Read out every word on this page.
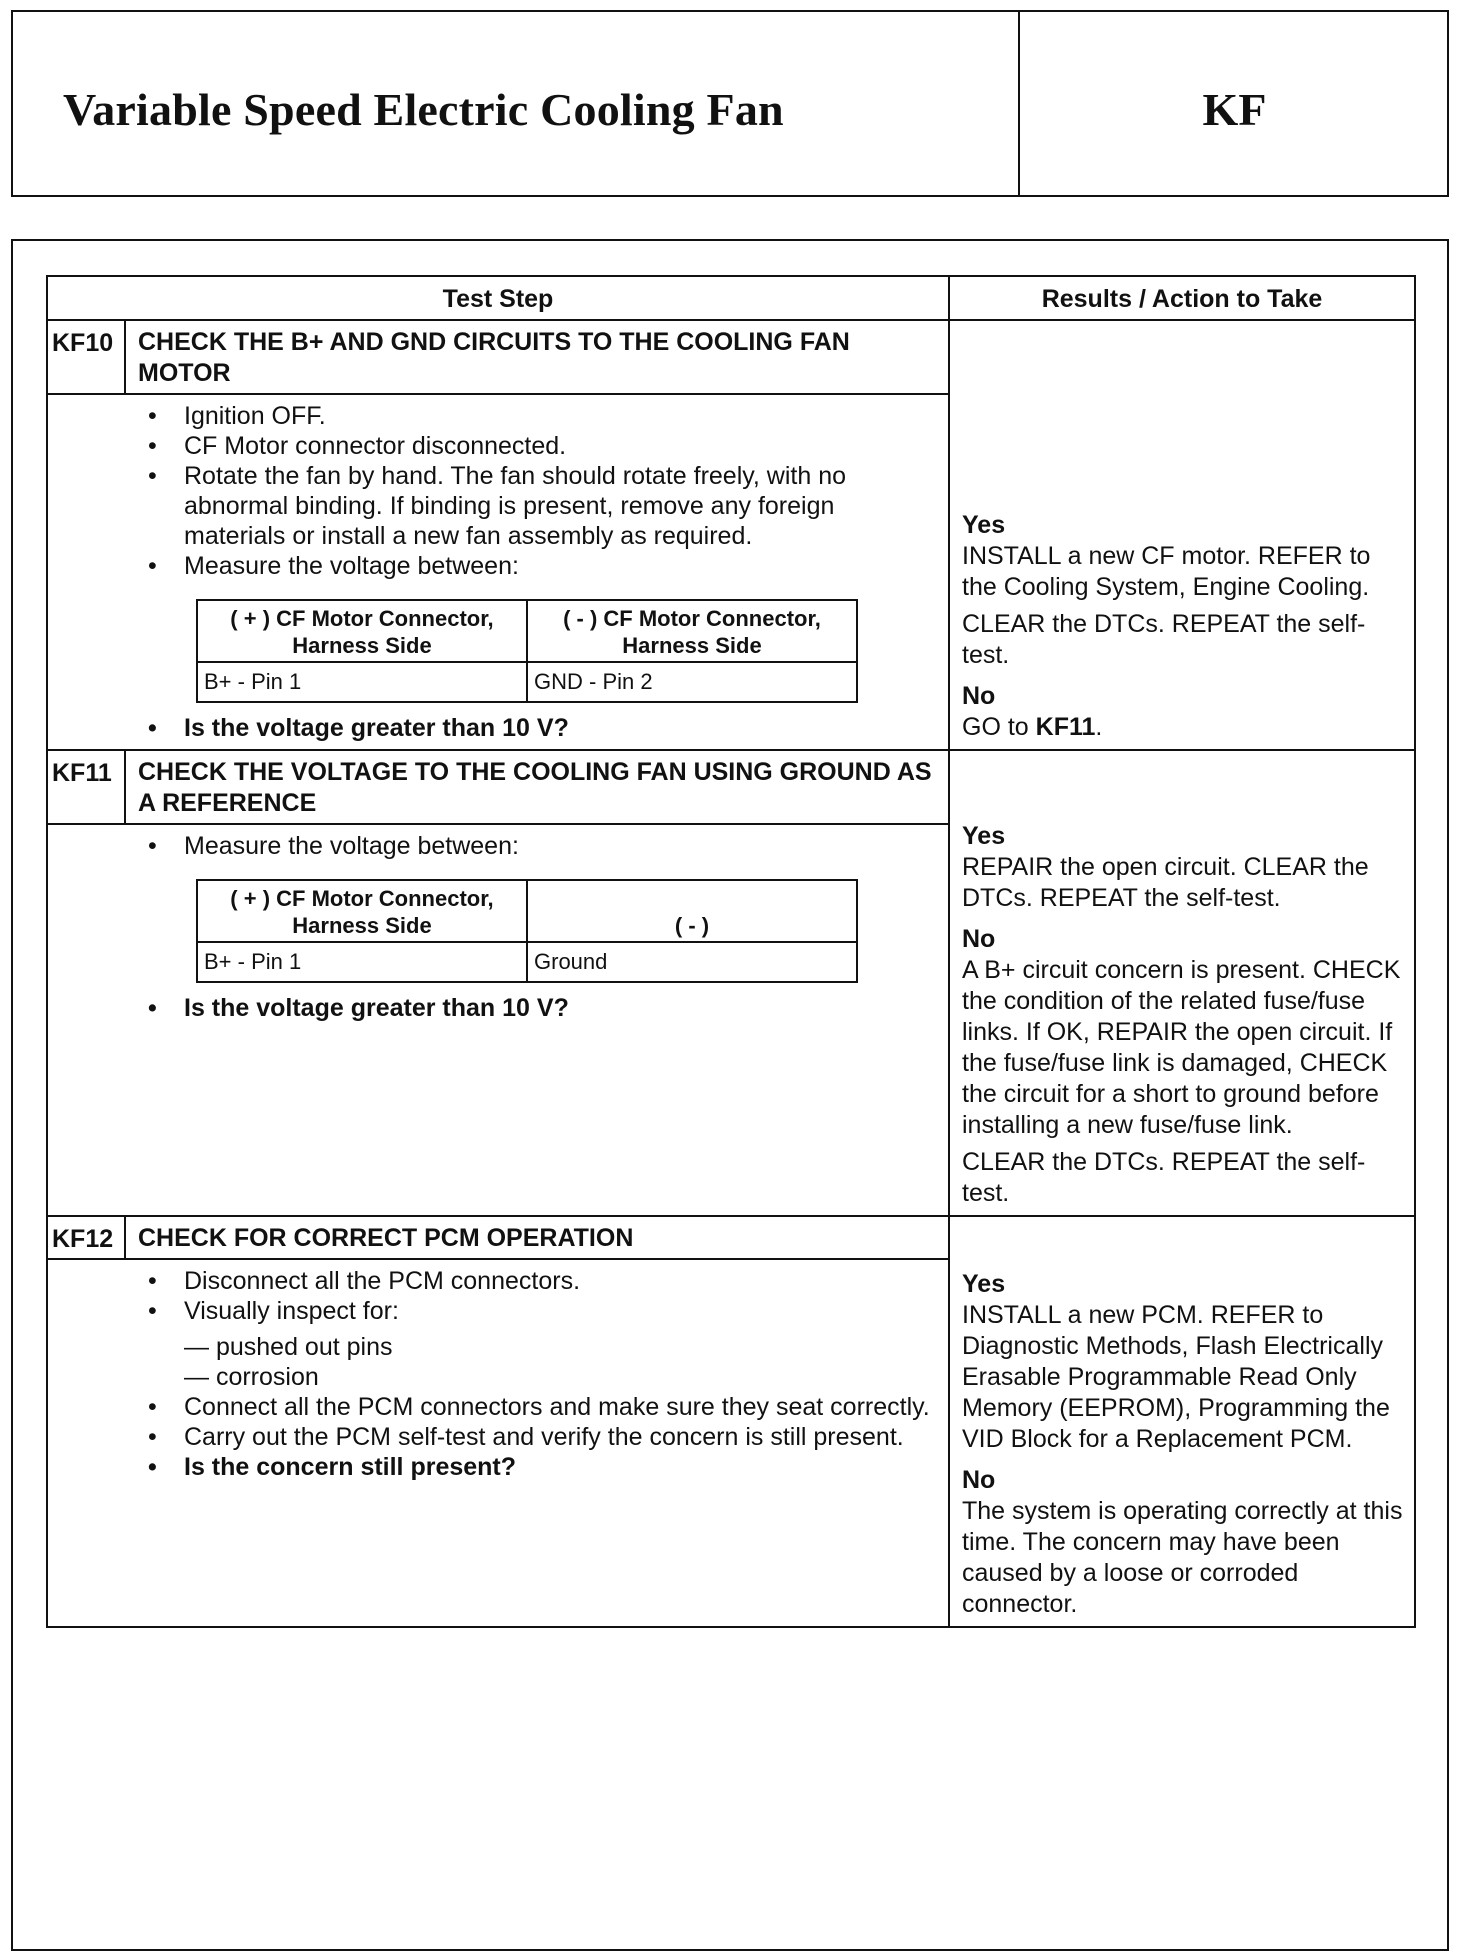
Variable Speed Electric Cooling Fan	KF
Test Step	Results / Action to Take
KF10 CHECK THE B+ AND GND CIRCUITS TO THE COOLING FAN MOTOR
• Ignition OFF.
• CF Motor connector disconnected.
• Rotate the fan by hand. The fan should rotate freely, with no abnormal binding. If binding is present, remove any foreign materials or install a new fan assembly as required.
• Measure the voltage between:
( + ) CF Motor Connector, Harness Side	( - ) CF Motor Connector, Harness Side
B+ - Pin 1	GND - Pin 2
• Is the voltage greater than 10 V?
Yes

INSTALL a new CF motor. REFER to the Cooling System, Engine Cooling.

CLEAR the DTCs. REPEAT the self-test.

No
GO to KF11.
KF11	CHECK THE VOLTAGE TO THE COOLING FAN USING GROUND AS A REFERENCE
• Measure the voltage between:
( + ) CF Motor Connector, Harness Side	( - )
B+ - Pin 1	Ground
• Is the voltage greater than 10 V?
Yes

REPAIR the open circuit. CLEAR the DTCs. REPEAT the self-test.

No

A B+ circuit concern is present. CHECK the condition of the related fuse/fuse links. If OK, REPAIR the open circuit. If the fuse/fuse link is damaged, CHECK the circuit for a short to ground before installing a new fuse/fuse link.

CLEAR the DTCs. REPEAT the self-test.

KF12 CHECK FOR CORRECT PCM OPERATION
• Disconnect all the PCM connectors.
• Visually inspect for:
— pushed out pins
— corrosion
• Connect all the PCM connectors and make sure they seat correctly.
• Carry out the PCM self-test and verify the concern is still present.
• Is the concern still present?
Yes

INSTALL a new PCM. REFER to Diagnostic Methods, Flash Electrically Erasable Programmable Read Only Memory (EEPROM), Programming the VID Block for a Replacement PCM.

No

The system is operating correctly at this time. The concern may have been caused by a loose or corroded connector.
